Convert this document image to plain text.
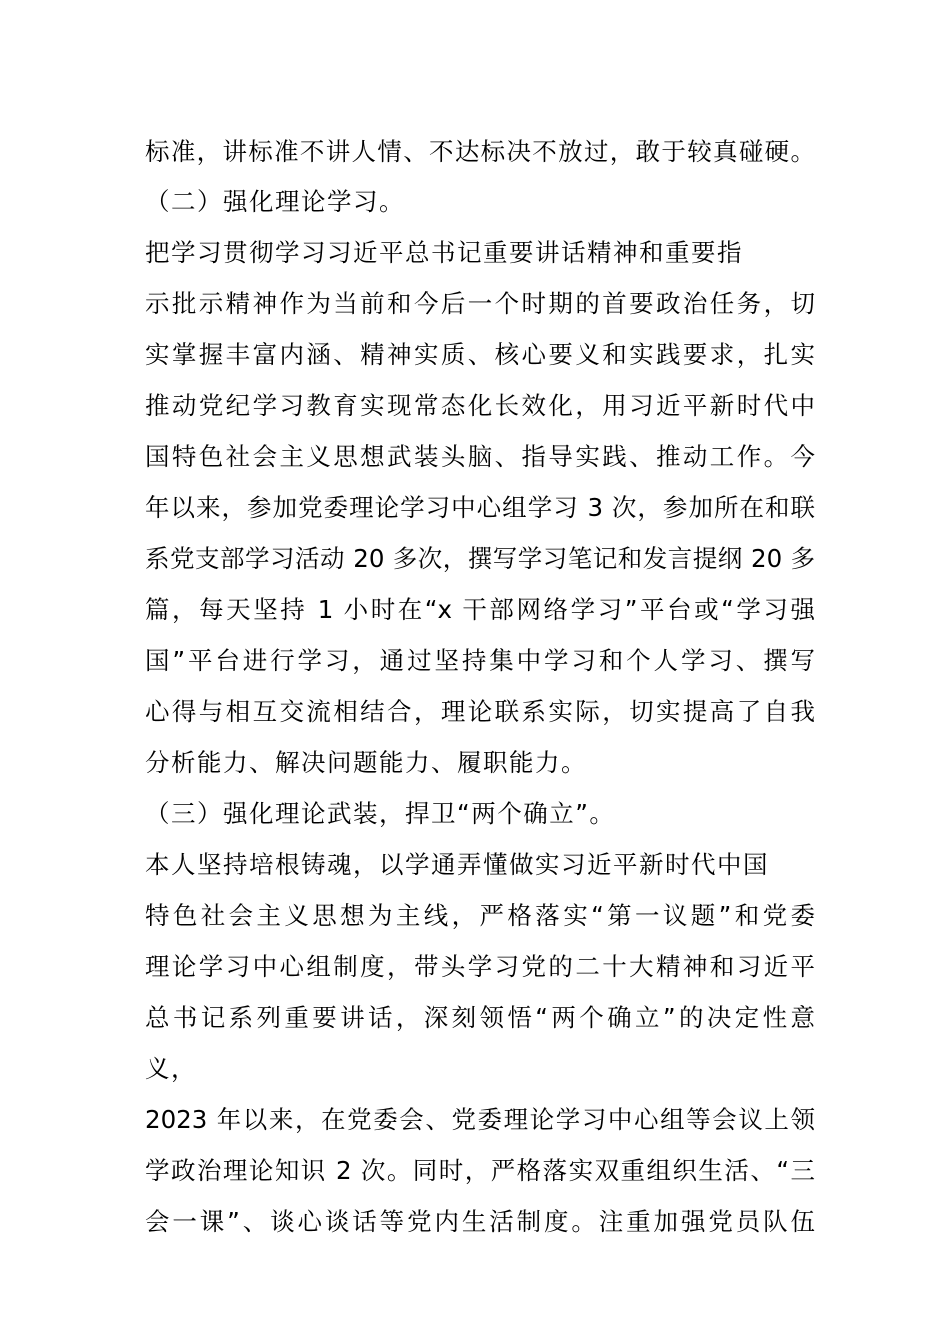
标准，讲标准不讲人情、不达标决不放过，敢于较真碰硬。
（二）强化理论学习。
把学习贯彻学习习近平总书记重要讲话精神和重要指
示批示精神作为当前和今后一个时期的首要政治任务，切
实掌握丰富内涵、精神实质、核心要义和实践要求，扎实
推动党纪学习教育实现常态化长效化，用习近平新时代中
国特色社会主义思想武装头脑、指导实践、推动工作。今
年以来，参加党委理论学习中心组学习 3 次，参加所在和联
系党支部学习活动 20 多次，撰写学习笔记和发言提纲 20 多
篇，每天坚持 1 小时在“x 干部网络学习”平台或“学习强
国”平台进行学习，通过坚持集中学习和个人学习、撰写
心得与相互交流相结合，理论联系实际，切实提高了自我
分析能力、解决问题能力、履职能力。
（三）强化理论武装，捍卫“两个确立”。
本人坚持培根铸魂，以学通弄懂做实习近平新时代中国
特色社会主义思想为主线，严格落实“第一议题”和党委
理论学习中心组制度，带头学习党的二十大精神和习近平
总书记系列重要讲话，深刻领悟“两个确立”的决定性意
义，
2023 年以来，在党委会、党委理论学习中心组等会议上领
学政治理论知识 2 次。同时，严格落实双重组织生活、“三
会一课”、谈心谈话等党内生活制度。注重加强党员队伍
